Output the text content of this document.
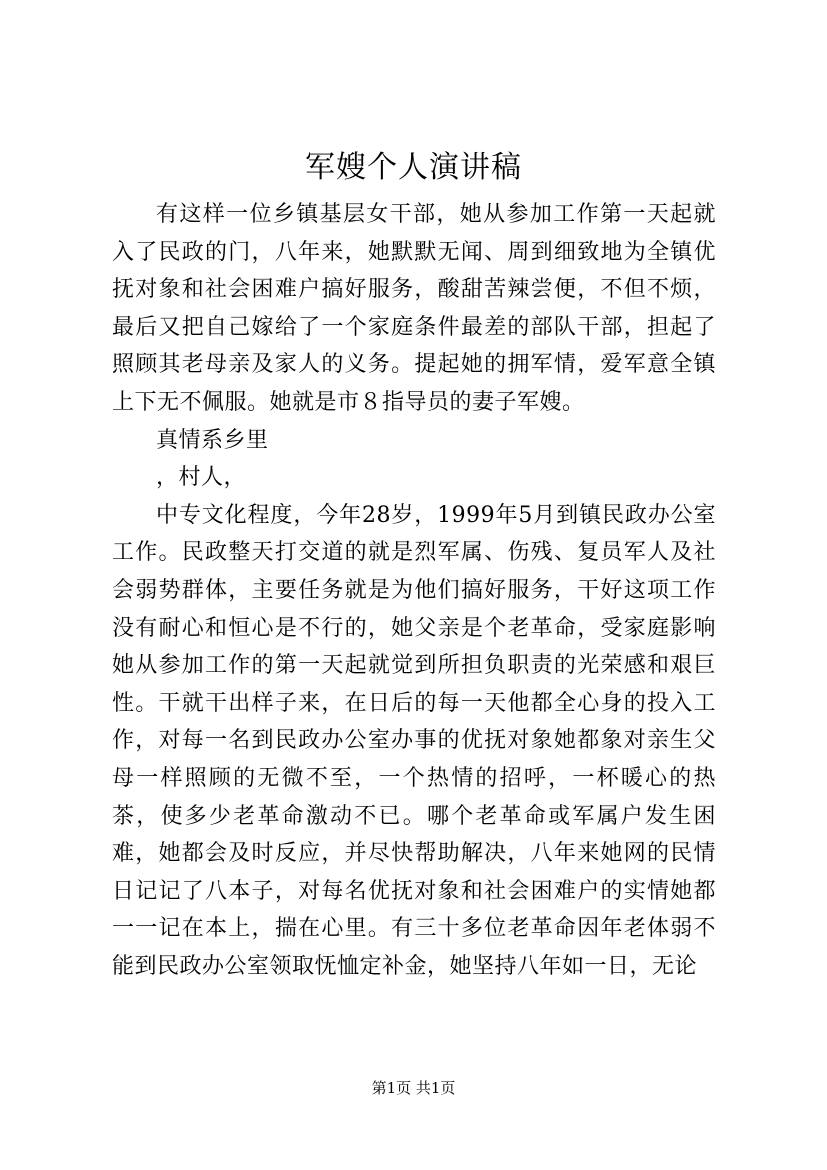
军嫂个人演讲稿

有这样一位乡镇基层女干部，她从参加工作第一天起就入了民政的门，八年来，她默默无闻、周到细致地为全镇优抚对象和社会困难户搞好服务，酸甜苦辣尝便，不但不烦，最后又把自己嫁给了一个家庭条件最差的部队干部，担起了照顾其老母亲及家人的义务。提起她的拥军情，爱军意全镇上下无不佩服。她就是市８指导员的妻子军嫂。

真情系乡里

，村人，

中专文化程度，今年28岁，1999年5月到镇民政办公室工作。民政整天打交道的就是烈军属、伤残、复员军人及社会弱势群体，主要任务就是为他们搞好服务，干好这项工作没有耐心和恒心是不行的，她父亲是个老革命，受家庭影响她从参加工作的第一天起就觉到所担负职责的光荣感和艰巨性。干就干出样子来，在日后的每一天他都全心身的投入工作，对每一名到民政办公室办事的优抚对象她都象对亲生父母一样照顾的无微不至，一个热情的招呼，一杯暖心的热茶，使多少老革命激动不已。哪个老革命或军属户发生困难，她都会及时反应，并尽快帮助解决，八年来她网的民情日记记了八本子，对每名优抚对象和社会困难户的实情她都一一记在本上，揣在心里。有三十多位老革命因年老体弱不能到民政办公室领取怃恤定补金，她坚持八年如一日，无论

第1页 共1页
